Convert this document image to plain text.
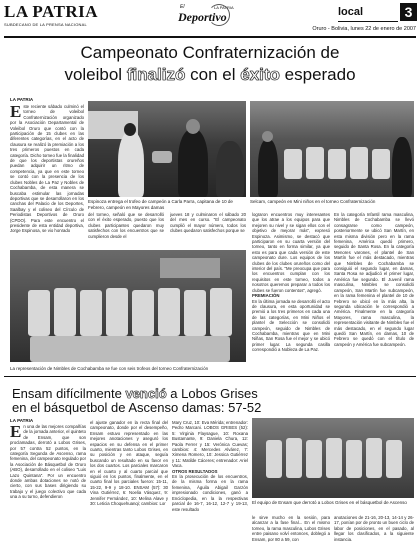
LA PATRIA
SUBDECANO DE LA PRENSA NACIONAL
El	LA PATRIA
Deportivo	local	3
Oruro - Bolivia, lunes 22 de enero de 2007
Campeonato Confraternización de
voleibol finalizó con el éxito esperado
LA PATRIA
Este reciente sábado culminó el torneo de voleibol Confraternización organizado por la Asociación Departamental de Voleibol Oruro que contó con la participación de 15 clubes en las diferentes categorías, en el acto de clausura se realizó la premiación a los tres primeros puestos en cada categoría. Dicho torneo fue la finalidad de que los deportistas orureños puedan adquirir un ritmo de competencia, ya que en este torneo se contó con la presencia de los clubes Nobles de La Paz y Nobles de Cochabamba, de esta manera se buscaba estimular las jornadas deportivas que se desarrollaron en los canchas del Palacio de los Deportes, Saalbay y el coliseo del Círculo de Periodistas Deportivos de Oruro (CPDO). Para este encuentro el presidente de esta entidad deportiva, Jorge Espinosa, se vio honrado
Espinoza entrega el trofeo de campeón a Carla Parra, capitana de 10 de Febrero, campeón en Mayores damas
Selcam, campeón en Mini niños en el torneo Confraternización
del torneo, señaló que se desarrolló con el éxito esperado, puesto que los clubes participantes quedaron muy satisfechos con los encuentros que se cumplieron desde el
jueves 18 y culminaron el sábado 20 del mes en curso. "El campeonato cumplió el mayor número, todos los clubes quedaron satisfechos porque se
lograron encuentros muy interesantes que los atrae a los equipos para que mejoren su nivel y se sigan ellos con el objetivo de mejorar más", expresó Espinoza. Asimismo, se destacó que participaron en su cuarta versión del torneo, tanto en forma similar, ya que esto es para que cada versión de este campeonato dure. Los equipos de los clubes de los clubes orureños como del interior del país. "Me preocupa que para los encuentros cumplan con los requisitos en este torneo, todos a nosotros queremos preparar a todos los clubes se fueron contentos", agregó.
PREMIACIÓN
En la última jornada se desarrolló el acto de clausura, en esta oportunidad se premió a los tres primeros en cada una de las categorías, en Mini Niños el plantel de Selección se consolidó campeón, seguido de Nimbles de Cochabamba, mientras que en Mini Niñas, San Rosa fue el mejor y se ubicó primer lugar. La segunda casilla correspondió a Nobleza de La Paz.
En la categoría Infantil rama masculina, Nimbles de Cochabamba se llevó consagrarse como campeón, posteriormente se ubicó San Martín, en esta misma división pero en la rama femenina, América quedó primero, seguido de Santa Rosa. En la categoría Menores varones, el plantel de San Martín fue el más destacado, mientras que Nimbles de Cochabamba se consiguió el segundo lugar, en damas, Santa Rosa se adjudicó el primer lugar, América fue segundo. El Juvenil rama masculina, Nimbles se consolidó campeón, San Martín fue subcampeón, en la rama femenina el plantel de 10 de Febrero se ubicó en la más alta, la segunda ubicación le correspondió a América. Finalmente en la categoría Mayores, rama masculina, la representación visitante de Nimbles fue el más destacado, en el segundo lugar quedó San Martín, en damas, 10 de Febrero se quedó con el título de campeón y América fue subcampeón.
La representación de Nimbles de Cochabamba se fue con seis trofeos del torneo Confraternización
Ensam difícilmente venció a Lobos Grises
en el básquetbol de Ascenso damas: 57-52
LA PATRIA
En una de las mejores compañías de la jornada anterior, el quinteto de Ensam, que son proclamadas, derrotó a Lobos Grises, por 57 contra 52 puntos, en la categoría Segunda de Ascenso, rama femenina, del campeonato regulado por la Asociación de Básquetbol de Oruro (ABO), desarrollado en el coliseo "Luis Lazo Quintana". Por un encuentro donde ambas dotaciones se notó de cierto, con sus bases dirigiendo su trabajo y el juego colectivo que cada una a su turno, defendieron
el ajuste ganador en la recta final del campeonato, donde por el desempeño, Ensam estuvo representado en las mejores anotaciones y aseguró los espacios en su defensa en el primer cuarto, mientras tanto Lobos Grises, en su posición y en ataque, seguía buscando un resultado en su favor en los dos cuartos. Los parciales marcaron en el cuarto y al cuarto parcial que siguió en los puntos, finalmente, en el cuarto final los parciales fueron: 15-11, 15-22, 9-9 y 18-10. ENSAM (57): 30 Vina Gutiérrez, 6: Noelia Vásquez, 9: Jennifer Fernández, 10: Melina Alave y 30: Leticia Choquehuanqi; cambios: Lor
Mary Cruz, 10: Eva Mérida; entrenador: Pedro Marcani. LOBOS GRISES (52): 5: Virginia Flaysague, 10: Roxana Bustamante, 9: Daniela Chura, 12: Paola Ferrer y 15: Verónica Cuevas; cambios: 4: Mercedes Alvárez, 7: Ximena Romero, 10: Jessica Gutiérrez y 11: Matilde Cáceres; entrenador: Ariel Vaca.
OTROS RESULTADOS
En la prosecución de los encuentros, de la misma forma en la rama femenina, Águila Abigail Garzón impresionado condiciones, ganó a Enciclopedia, en la la respectivas parcial de 16-7, 16-12, 12-7 y 19-13, este resultado
El equipo de Ensam que derrotó a Lobos Grises en el básquetbol de Ascenso
le sirve mucho en la sesión, para alcanzar a la fase final... En el mismo torneo, la rama masculina, Lobos Grises entre paisano volví entonces, doblegó a Ensam, por 80 a 59, con
anotaciones de 21-16, 20-13, 14-14 y 26-17, ponían por de pronto un buen ciclo de labor de posiciones, en el pasado, al llegar los clasificados, a la siguiente instancia.
